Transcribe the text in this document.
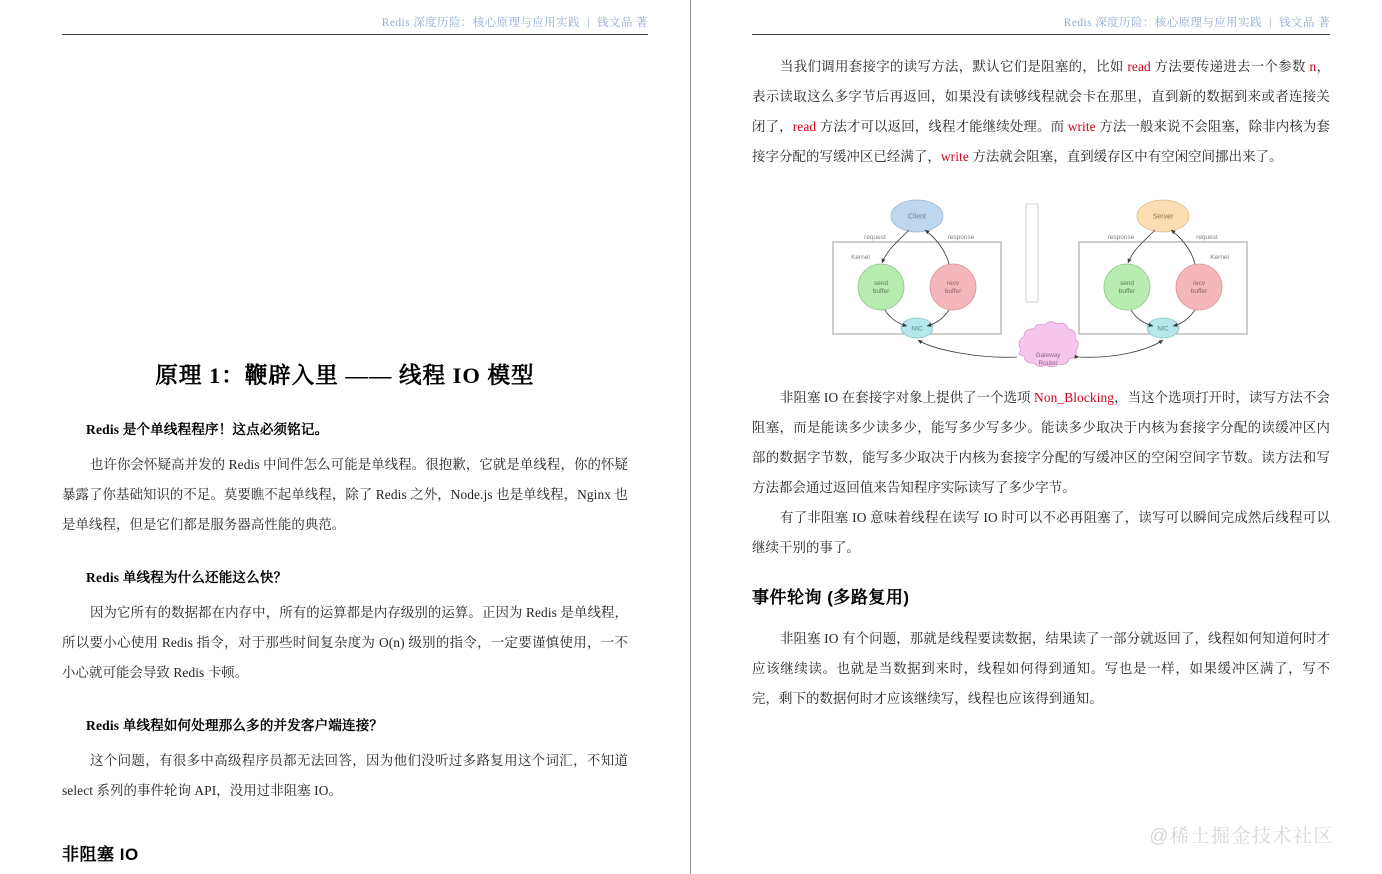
Redis 深度历险：核心原理与应用实践 | 钱文品 著
原理 1：鞭辟入里 —— 线程 IO 模型
Redis 是个单线程程序！这点必须铭记。

也许你会怀疑高并发的 Redis 中间件怎么可能是单线程。很抱歉，它就是单线程，你的怀疑暴露了你基础知识的不足。莫要瞧不起单线程，除了 Redis 之外，Node.js 也是单线程，Nginx 也是单线程，但是它们都是服务器高性能的典范。

Redis 单线程为什么还能这么快？

因为它所有的数据都在内存中，所有的运算都是内存级别的运算。正因为 Redis 是单线程，所以要小心使用 Redis 指令，对于那些时间复杂度为 O(n) 级别的指令，一定要谨慎使用，一不小心就可能会导致 Redis 卡顿。

Redis 单线程如何处理那么多的并发客户端连接？

这个问题，有很多中高级程序员都无法回答，因为他们没听过多路复用这个词汇，不知道 select 系列的事件轮询 API，没用过非阻塞 IO。

非阻塞 IO
Redis 深度历险：核心原理与应用实践 | 钱文品 著

当我们调用套接字的读写方法，默认它们是阻塞的，比如 read 方法要传递进去一个参数 n，表示读取这么多字节后再返回，如果没有读够线程就会卡在那里，直到新的数据到来或者连接关闭了，read 方法才可以返回，线程才能继续处理。而 write 方法一般来说不会阻塞，除非内核为套接字分配的写缓冲区已经满了，write 方法就会阻塞，直到缓存区中有空闲空间挪出来了。

Kernel
Client
request	response
send
buffer
recv
buffer
NIC
Kernel
Server
response	request
send
buffer
recv
buffer
NIC
Gateway
Router

非阻塞 IO 在套接字对象上提供了一个选项 Non_Blocking，当这个选项打开时，读写方法不会阻塞，而是能读多少读多少，能写多少写多少。能读多少取决于内核为套接字分配的读缓冲区内部的数据字节数，能写多少取决于内核为套接字分配的写缓冲区的空闲空间字节数。读方法和写方法都会通过返回值来告知程序实际读写了多少字节。

有了非阻塞 IO 意味着线程在读写 IO 时可以不必再阻塞了，读写可以瞬间完成然后线程可以继续干别的事了。

事件轮询 (多路复用)

非阻塞 IO 有个问题，那就是线程要读数据，结果读了一部分就返回了，线程如何知道何时才应该继续读。也就是当数据到来时，线程如何得到通知。写也是一样，如果缓冲区满了，写不完，剩下的数据何时才应该继续写，线程也应该得到通知。

@稀土掘金技术社区
